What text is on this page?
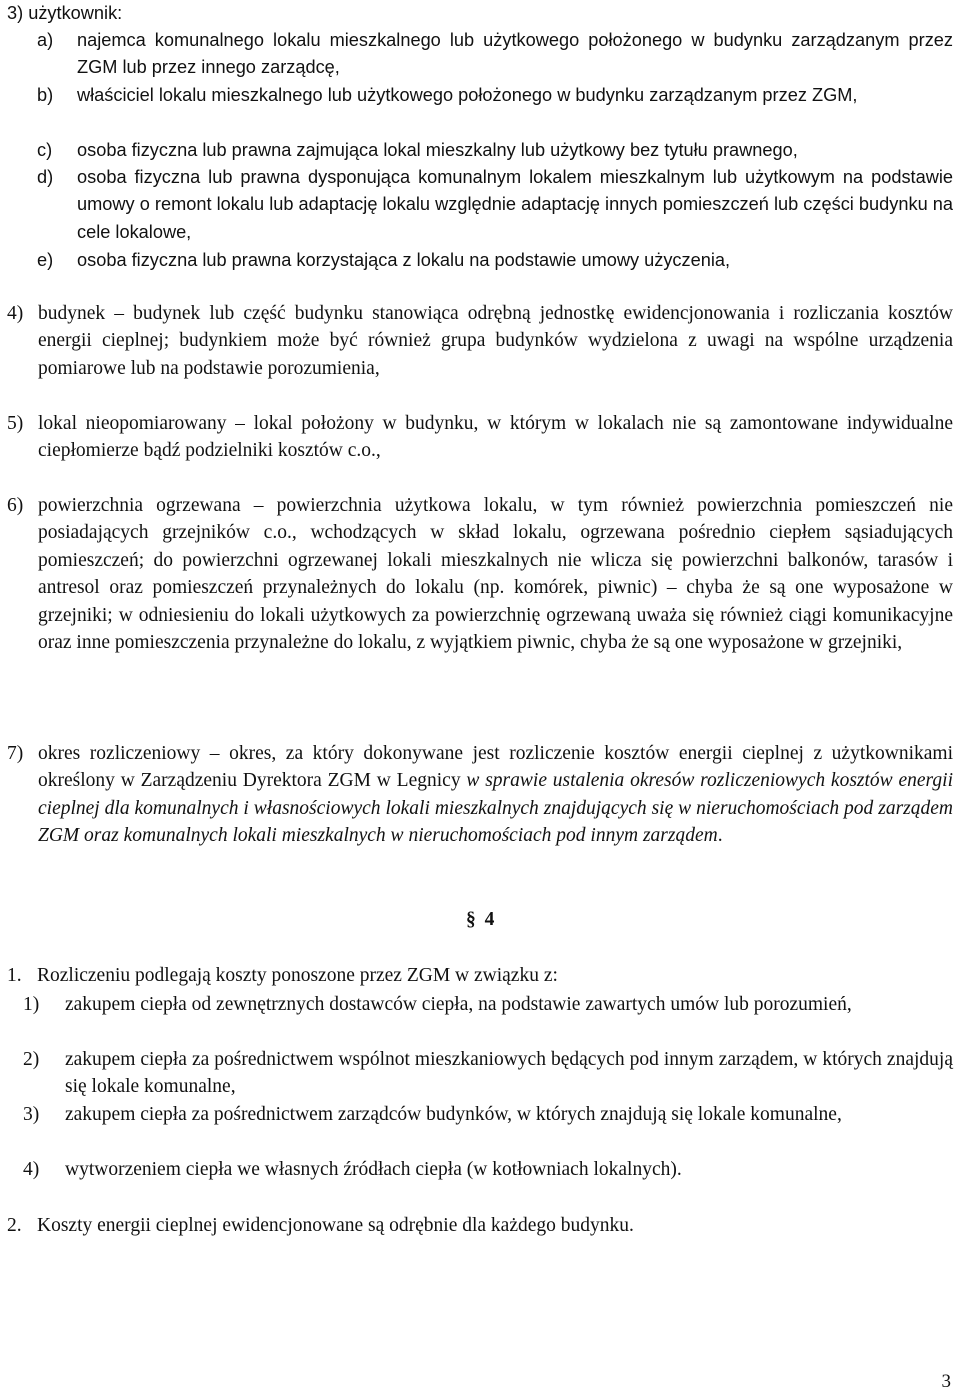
3) użytkownik:
a) najemca komunalnego lokalu mieszkalnego lub użytkowego położonego w budynku zarządzanym przez ZGM lub przez innego zarządcę,

b) właściciel lokalu mieszkalnego lub użytkowego położonego w budynku zarządzanym przez ZGM,

c) osoba fizyczna lub prawna zajmująca lokal mieszkalny lub użytkowy bez tytułu prawnego,

d) osoba fizyczna lub prawna dysponująca komunalnym lokalem mieszkalnym lub użytkowym na podstawie umowy o remont lokalu lub adaptację lokalu względnie adaptację innych pomieszczeń lub części budynku na cele lokalowe,

e) osoba fizyczna lub prawna korzystająca z lokalu na podstawie umowy użyczenia,

4) budynek – budynek lub część budynku stanowiąca odrębną jednostkę ewidencjonowania i rozliczania kosztów energii cieplnej; budynkiem może być również grupa budynków wydzielona z uwagi na wspólne urządzenia pomiarowe lub na podstawie porozumienia,

5) lokal nieopomiarowany – lokal położony w budynku, w którym w lokalach nie są zamontowane indywidualne ciepłomierze bądź podzielniki kosztów c.o.,

6) powierzchnia ogrzewana – powierzchnia użytkowa lokalu, w tym również powierzchnia pomieszczeń nie posiadających grzejników c.o., wchodzących w skład lokalu, ogrzewana pośrednio ciepłem sąsiadujących pomieszczeń; do powierzchni ogrzewanej lokali mieszkalnych nie wlicza się powierzchni balkonów, tarasów i antresol oraz pomieszczeń przynależnych do lokalu (np. komórek, piwnic) – chyba że są one wyposażone w grzejniki; w odniesieniu do lokali użytkowych za powierzchnię ogrzewaną uważa się również ciągi komunikacyjne oraz inne pomieszczenia przynależne do lokalu, z wyjątkiem piwnic, chyba że są one wyposażone w grzejniki,

7) okres rozliczeniowy – okres, za który dokonywane jest rozliczenie kosztów energii cieplnej z użytkownikami określony w Zarządzeniu Dyrektora ZGM w Legnicy w sprawie ustalenia okresów rozliczeniowych kosztów energii cieplnej dla komunalnych i własnościowych lokali mieszkalnych znajdujących się w nieruchomościach pod zarządem ZGM oraz komunalnych lokali mieszkalnych w nieruchomościach pod innym zarządem.

§ 4
1. Rozliczeniu podlegają koszty ponoszone przez ZGM w związku z:

1) zakupem ciepła od zewnętrznych dostawców ciepła, na podstawie zawartych umów lub porozumień,

2) zakupem ciepła za pośrednictwem wspólnot mieszkaniowych będących pod innym zarządem, w których znajdują się lokale komunalne,

3) zakupem ciepła za pośrednictwem zarządców budynków, w których znajdują się lokale komunalne,

4) wytworzeniem ciepła we własnych źródłach ciepła (w kotłowniach lokalnych).

2. Koszty energii cieplnej ewidencjonowane są odrębnie dla każdego budynku.

3
